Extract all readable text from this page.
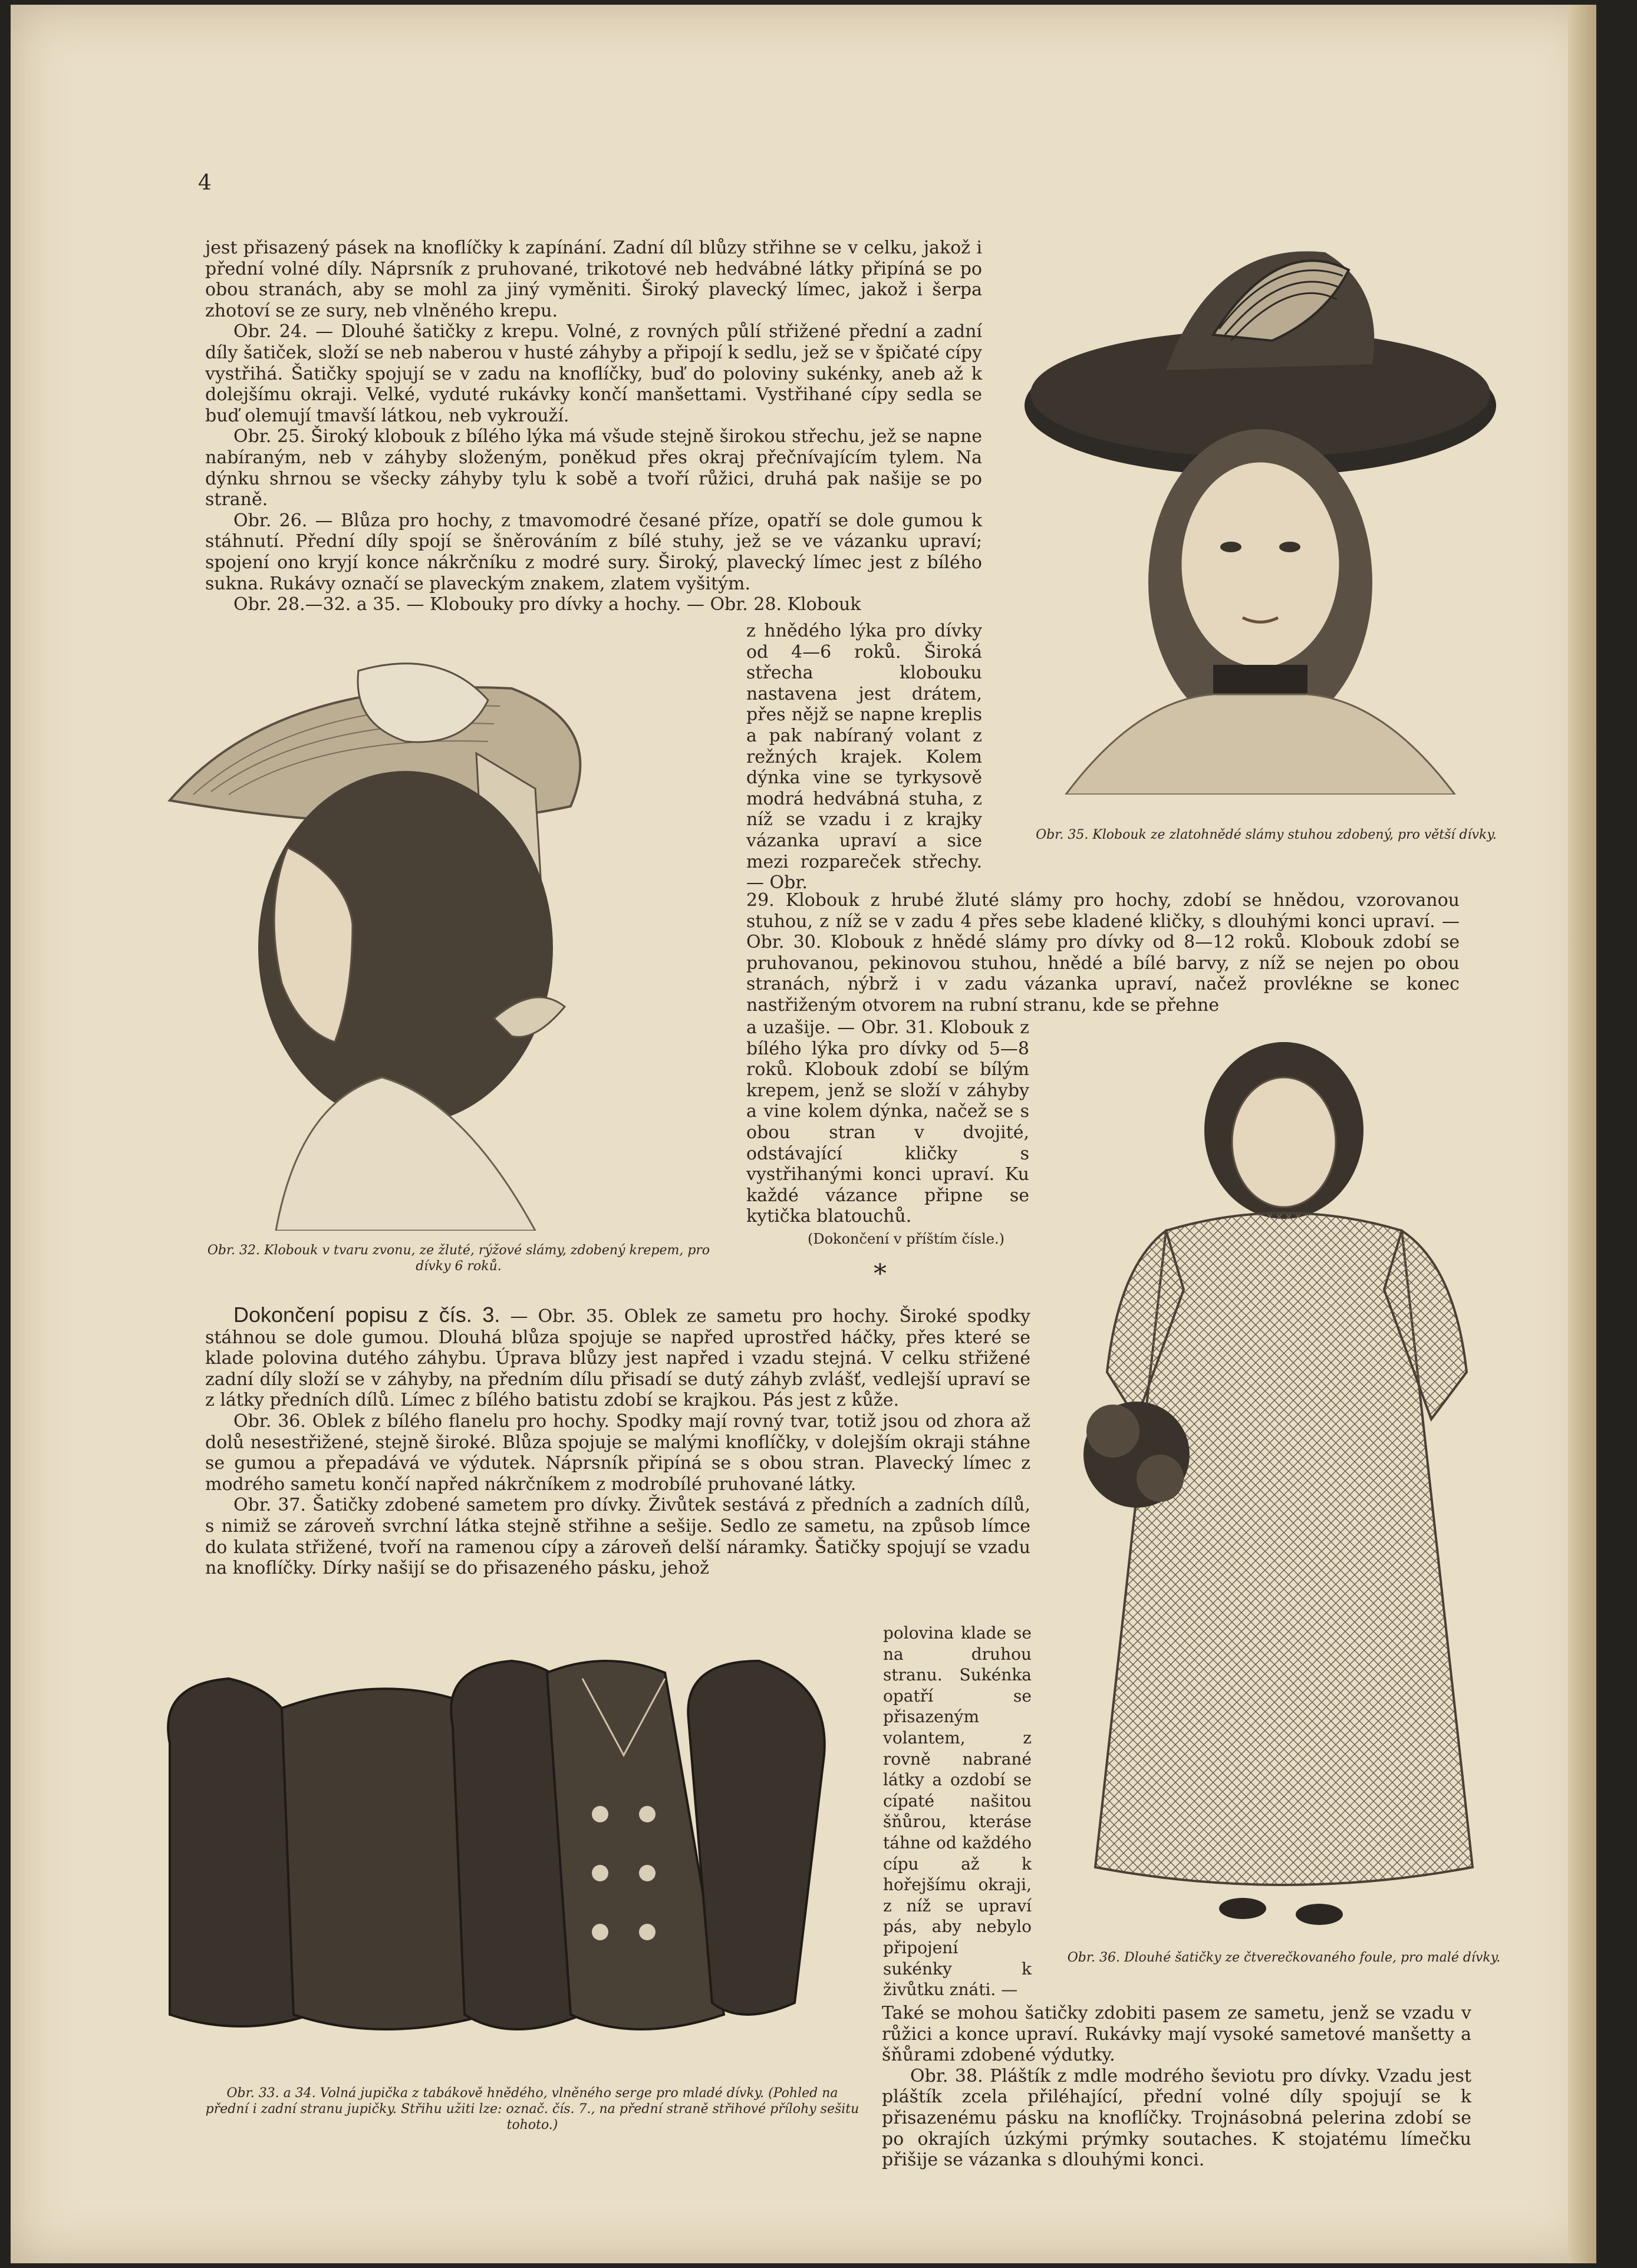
4

jest přisazený pásek na knoflíčky k zapínání. Zadní díl blůzy střihne se v celku, jakož i přední volné díly. Náprsník z pruhované, trikotové neb hedvábné látky připíná se po obou stranách, aby se mohl za jiný vyměniti. Široký plavecký límec, jakož i šerpa zhotoví se ze sury, neb vlněného krepu.

Obr. 24. — Dlouhé šatičky z krepu. Volné, z rovných půlí střižené přední a zadní díly šatiček, složí se neb naberou v husté záhyby a připojí k sedlu, jež se v špičaté cípy vystřihá. Šatičky spojují se v zadu na knoflíčky, buď do poloviny sukénky, aneb až k dolejšímu okraji. Velké, vyduté rukávky končí manšettami. Vystřihané cípy sedla se buď olemují tmavší látkou, neb vykrouží.

Obr. 25. Široký klobouk z bílého lýka má všude stejně širokou střechu, jež se napne nabíraným, neb v záhyby složeným, poněkud přes okraj přečnívajícím tylem. Na dýnku shrnou se všecky záhyby tylu k sobě a tvoří růžici, druhá pak našije se po straně.

Obr. 26. — Blůza pro hochy, z tmavomodré česané příze, opatří se dole gumou k stáhnutí. Přední díly spojí se šněrováním z bílé stuhy, jež se ve vázanku upraví; spojení ono kryjí konce nákrčníku z modré sury. Široký, plavecký límec jest z bílého sukna. Rukávy označí se plaveckým znakem, zlatem vyšitým.

Obr. 28.—32. a 35. — Klobouky pro dívky a hochy. — Obr. 28. Klobouk

z hnědého lýka pro dívky od 4—6 roků. Široká střecha klobouku nastavena jest drátem, přes nějž se napne kreplis a pak nabíraný volant z režných krajek. Kolem dýnka vine se tyrkysově modrá hedvábná stuha, z níž se vzadu i z krajky vázanka upraví a sice mezi rozpareček střechy. — Obr.

29. Klobouk z hrubé žluté slámy pro hochy, zdobí se hnědou, vzorovanou stuhou, z níž se v zadu 4 přes sebe kladené kličky, s dlouhými konci upraví. — Obr. 30. Klobouk z hnědé slámy pro dívky od 8—12 roků. Klobouk zdobí se pruhovanou, pekinovou stuhou, hnědé a bílé barvy, z níž se nejen po obou stranách, nýbrž i v zadu vázanka upraví, načež provlékne se konec nastřiženým otvorem na rubní stranu, kde se přehne

a uzašije. — Obr. 31. Klobouk z bílého lýka pro dívky od 5—8 roků. Klobouk zdobí se bílým krepem, jenž se složí v záhyby a vine kolem dýnka, načež se s obou stran v dvojité, odstávající kličky s vystřihanými konci upraví. Ku každé vázance připne se kytička blatouchů.

(Dokončení v příštím čísle.)
*

Dokončení popisu z čís. 3. — Obr. 35. Oblek ze sametu pro hochy. Široké spodky stáhnou se dole gumou. Dlouhá blůza spojuje se napřed uprostřed háčky, přes které se klade polovina dutého záhybu. Úprava blůzy jest napřed i vzadu stejná. V celku střižené zadní díly složí se v záhyby, na předním dílu přisadí se dutý záhyb zvlášť, vedlejší upraví se z látky předních dílů. Límec z bílého batistu zdobí se krajkou. Pás jest z kůže.

Obr. 36. Oblek z bílého flanelu pro hochy. Spodky mají rovný tvar, totiž jsou od zhora až dolů nesestřižené, stejně široké. Blůza spojuje se malými knoflíčky, v dolejším okraji stáhne se gumou a přepadává ve výdutek. Náprsník připíná se s obou stran. Plavecký límec z modrého sametu končí napřed nákrčníkem z modrobílé pruhované látky.

Obr. 37. Šatičky zdobené sametem pro dívky. Živůtek sestává z předních a zadních dílů, s nimiž se zároveň svrchní látka stejně střihne a sešije. Sedlo ze sametu, na způsob límce do kulata střižené, tvoří na ramenou cípy a zároveň delší náramky. Šatičky spojují se vzadu na knoflíčky. Dírky našijí se do přisazeného pásku, jehož

polovina klade se na druhou stranu. Sukénka opatří se přisazeným volantem, z rovně nabrané látky a ozdobí se cípaté našitou šňůrou, kteráse táhne od každého cípu až k hořejšímu okraji, z níž se upraví pás, aby nebylo připojení sukénky k živůtku znáti. —

Také se mohou šatičky zdobiti pasem ze sametu, jenž se vzadu v růžici a konce upraví. Rukávky mají vysoké sametové manšetty a šňůrami zdobené výdutky.

Obr. 38. Pláštík z mdle modrého ševiotu pro dívky. Vzadu jest pláštík zcela přiléhající, přední volné díly spojují se k přisazenému pásku na knoflíčky. Trojnásobná pelerina zdobí se po okrajích úzkými prýmky soutaches. K stojatému límečku přišije se vázanka s dlouhými konci.

Obr. 35. Klobouk ze zlatohnědé slámy stuhou zdobený, pro větší dívky.
Obr. 32. Klobouk v tvaru zvonu, ze žluté, rýžové slámy, zdobený krepem, pro dívky 6 roků.
Obr. 36. Dlouhé šatičky ze čtverečkovaného foule, pro malé dívky.
Obr. 33. a 34. Volná jupička z tabákově hnědého, vlněného serge pro mladé dívky. (Pohled na přední i zadní stranu jupičky. Střihu užiti lze: označ. čís. 7., na přední straně střihové přílohy sešitu tohoto.)
